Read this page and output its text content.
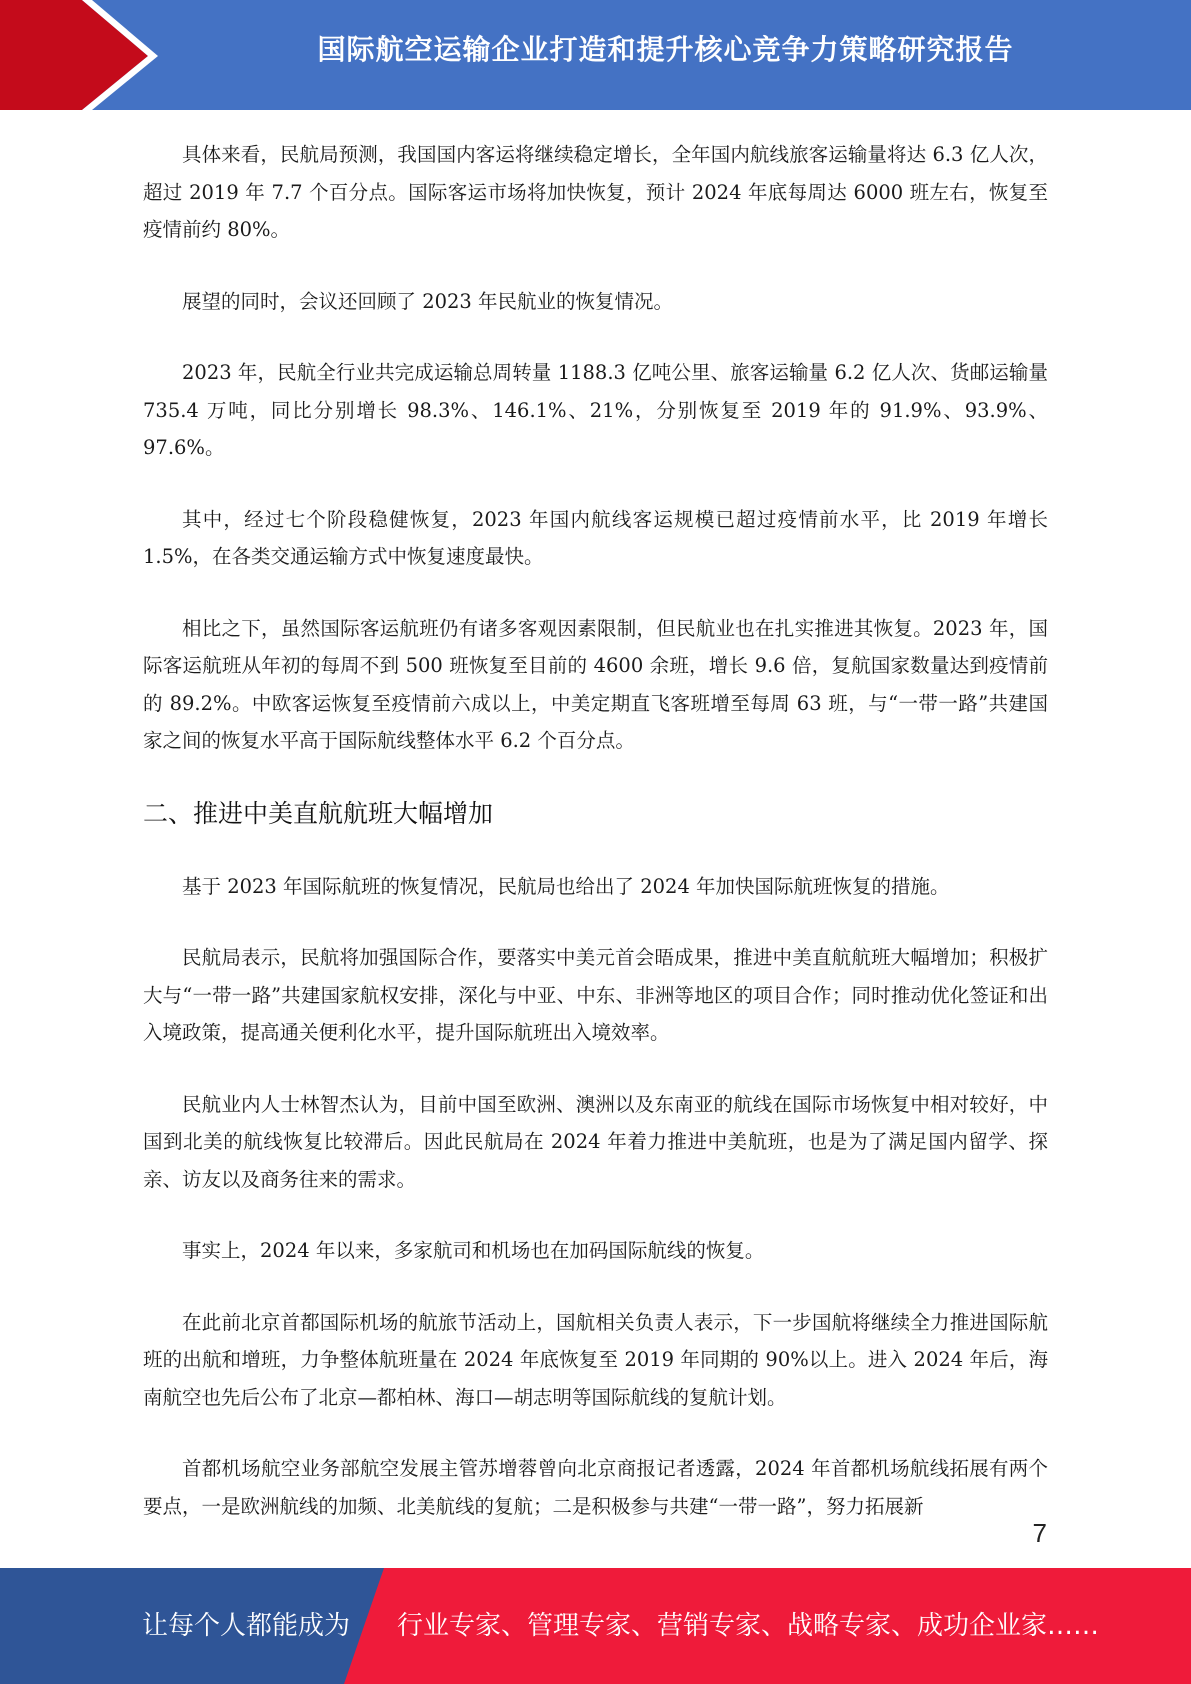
国际航空运输企业打造和提升核心竞争力策略研究报告

具体来看，民航局预测，我国国内客运将继续稳定增长，全年国内航线旅客运输量将达 6.3 亿人次，超过 2019 年 7.7 个百分点。国际客运市场将加快恢复，预计 2024 年底每周达 6000 班左右，恢复至疫情前约 80%。

展望的同时，会议还回顾了 2023 年民航业的恢复情况。

2023 年，民航全行业共完成运输总周转量 1188.3 亿吨公里、旅客运输量 6.2 亿人次、货邮运输量 735.4 万吨，同比分别增长 98.3%、146.1%、21%，分别恢复至 2019 年的 91.9%、93.9%、97.6%。

其中，经过七个阶段稳健恢复，2023 年国内航线客运规模已超过疫情前水平，比 2019 年增长 1.5%，在各类交通运输方式中恢复速度最快。

相比之下，虽然国际客运航班仍有诸多客观因素限制，但民航业也在扎实推进其恢复。2023 年，国际客运航班从年初的每周不到 500 班恢复至目前的 4600 余班，增长 9.6 倍，复航国家数量达到疫情前的 89.2%。中欧客运恢复至疫情前六成以上，中美定期直飞客班增至每周 63 班，与“一带一路”共建国家之间的恢复水平高于国际航线整体水平 6.2 个百分点。

二、推进中美直航航班大幅增加

基于 2023 年国际航班的恢复情况，民航局也给出了 2024 年加快国际航班恢复的措施。

民航局表示，民航将加强国际合作，要落实中美元首会晤成果，推进中美直航航班大幅增加；积极扩大与“一带一路”共建国家航权安排，深化与中亚、中东、非洲等地区的项目合作；同时推动优化签证和出入境政策，提高通关便利化水平，提升国际航班出入境效率。

民航业内人士林智杰认为，目前中国至欧洲、澳洲以及东南亚的航线在国际市场恢复中相对较好，中国到北美的航线恢复比较滞后。因此民航局在 2024 年着力推进中美航班，也是为了满足国内留学、探亲、访友以及商务往来的需求。

事实上，2024 年以来，多家航司和机场也在加码国际航线的恢复。

在此前北京首都国际机场的航旅节活动上，国航相关负责人表示，下一步国航将继续全力推进国际航班的出航和增班，力争整体航班量在 2024 年底恢复至 2019 年同期的 90%以上。进入 2024 年后，海南航空也先后公布了北京—都柏林、海口—胡志明等国际航线的复航计划。

首都机场航空业务部航空发展主管苏增蓉曾向北京商报记者透露，2024 年首都机场航线拓展有两个要点，一是欧洲航线的加频、北美航线的复航；二是积极参与共建“一带一路”，努力拓展新

7
让每个人都能成为 行业专家、管理专家、营销专家、战略专家、成功企业家……
